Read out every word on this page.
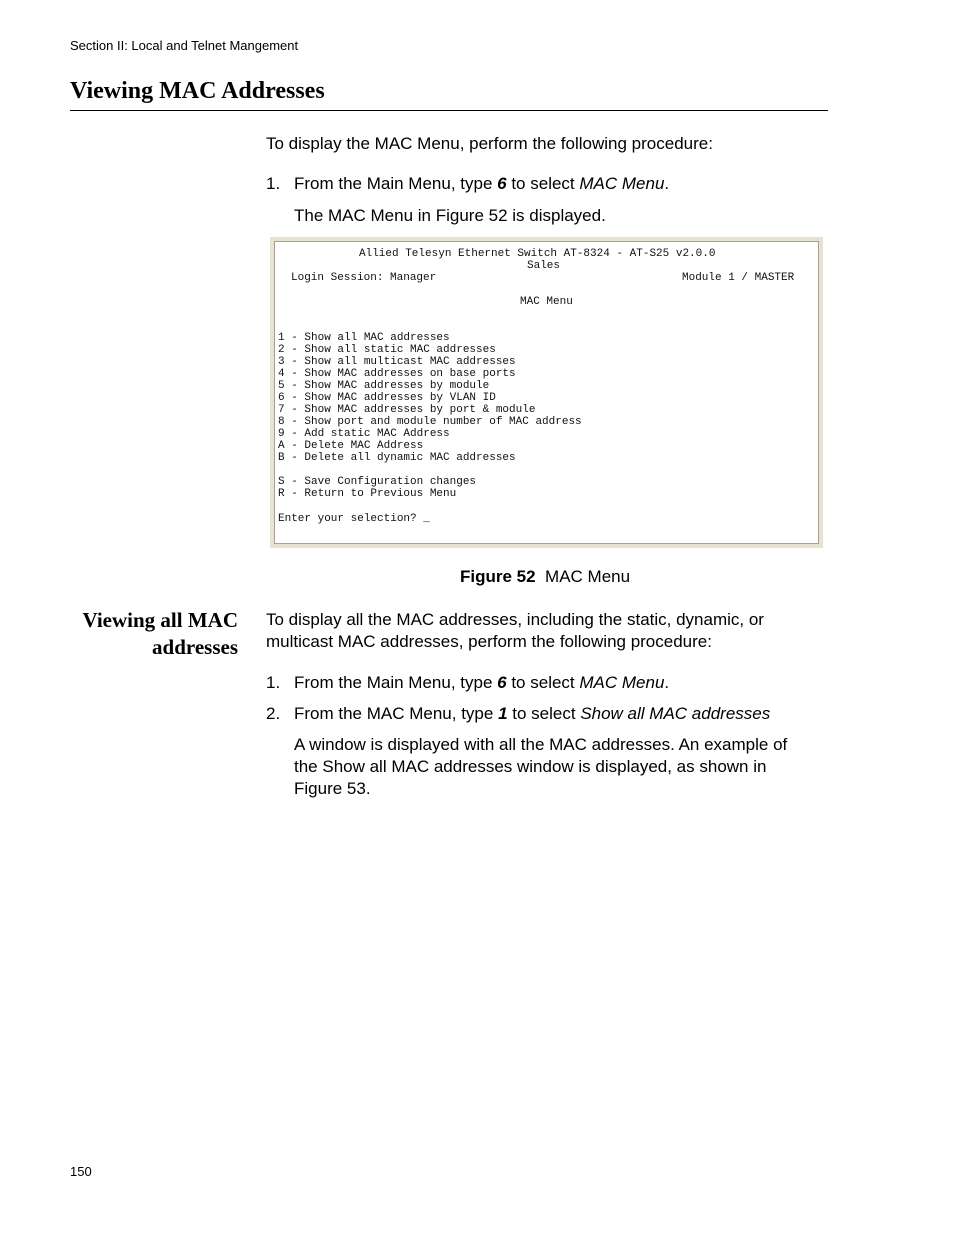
Section II: Local and Telnet Mangement
Viewing MAC Addresses

To display the MAC Menu, perform the following procedure:

1. From the Main Menu, type 6 to select MAC Menu.
The MAC Menu in Figure 52 is displayed.
Allied Telesyn Ethernet Switch AT-8324 - AT-S25 v2.0.0
Sales
Login Session: Manager	Module 1 / MASTER
MAC Menu
1 - Show all MAC addresses
2 - Show all static MAC addresses
3 - Show all multicast MAC addresses
4 - Show MAC addresses on base ports
5 - Show MAC addresses by module
6 - Show MAC addresses by VLAN ID
7 - Show MAC addresses by port & module
8 - Show port and module number of MAC address
9 - Add static MAC Address
A - Delete MAC Address
B - Delete all dynamic MAC addresses
S - Save Configuration changes
R - Return to Previous Menu
Enter your selection? _
Figure 52 MAC Menu
Viewing all MAC
addresses

To display all the MAC addresses, including the static, dynamic, or multicast MAC addresses, perform the following procedure:

1. From the Main Menu, type 6 to select MAC Menu.
2. From the MAC Menu, type 1 to select Show all MAC addresses
A window is displayed with all the MAC addresses. An example of the Show all MAC addresses window is displayed, as shown in Figure 53.
150
